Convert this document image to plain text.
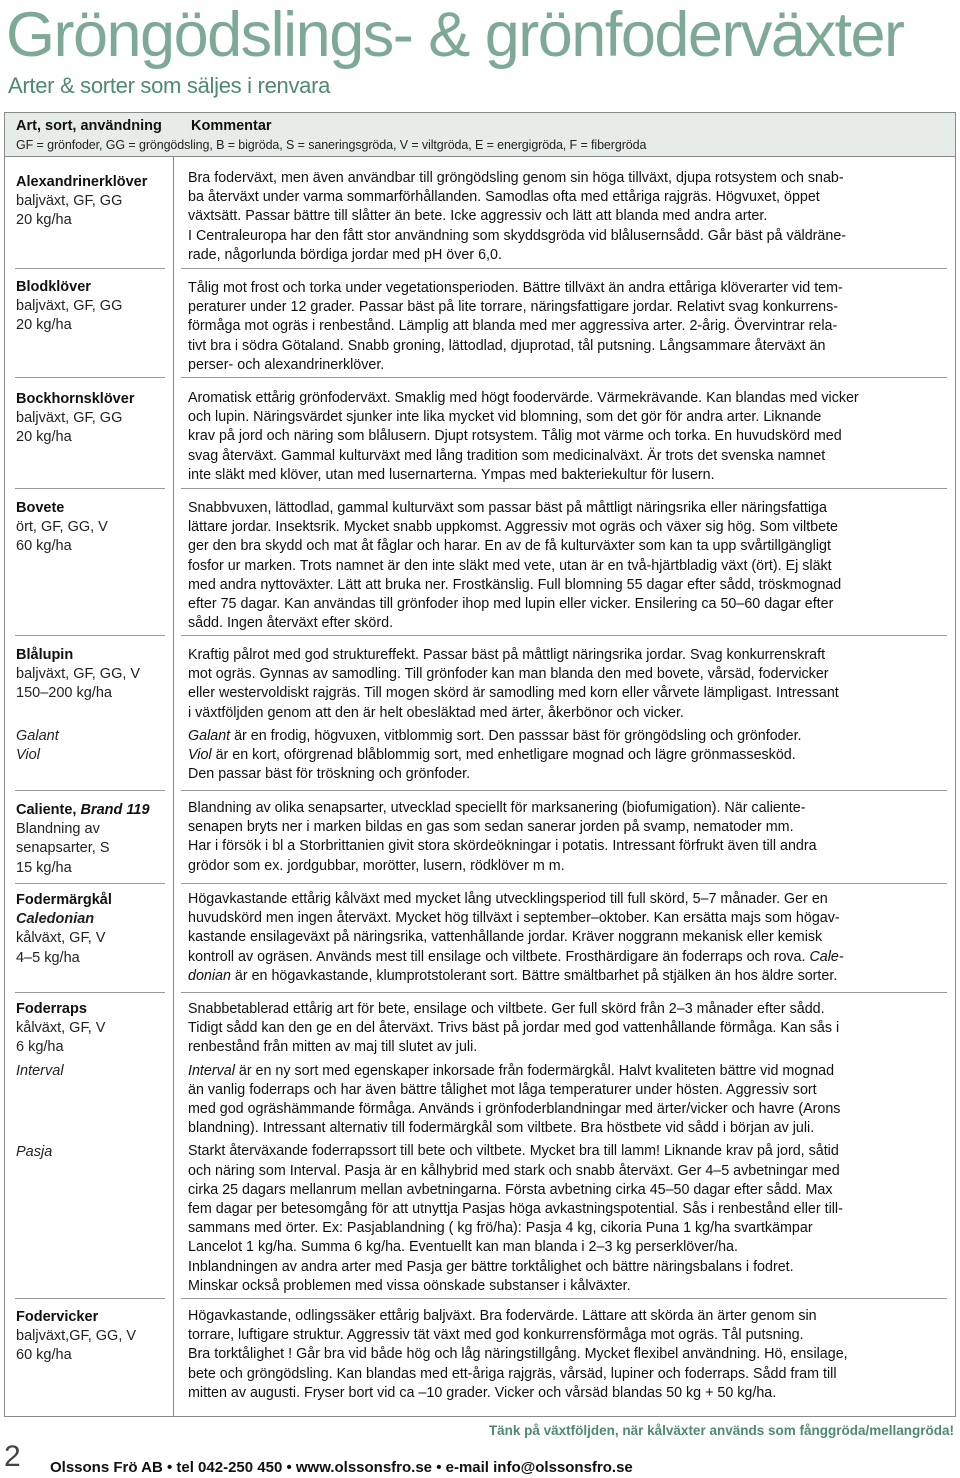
Gröngödslings- & grönfoderväxter
Arter & sorter som säljes i renvara
Art, sort, användning Kommentar
GF = grönfoder, GG = gröngödsling, B = bigröda, S = saneringsgröda, V = viltgröda, E = energigröda, F = fibergröda
Alexandrinerklöver
baljväxt, GF, GG
20 kg/ha
Bra foderväxt, men även användbar till gröngödsling genom sin höga tillväxt, djupa rotsystem och snab-
ba återväxt under varma sommarförhållanden. Samodlas ofta med ettåriga rajgräs. Högvuxet, öppet
växtsätt. Passar bättre till slåtter än bete. Icke aggressiv och lätt att blanda med andra arter.
I Centraleuropa har den fått stor användning som skyddsgröda vid blålusernsådd. Går bäst på väldräne-
rade, någorlunda bördiga jordar med pH över 6,0.
Blodklöver
baljväxt, GF, GG
20 kg/ha
Tålig mot frost och torka under vegetationsperioden. Bättre tillväxt än andra ettåriga klöverarter vid tem-
peraturer under 12 grader. Passar bäst på lite torrare, näringsfattigare jordar. Relativt svag konkurrens-
förmåga mot ogräs i renbestånd. Lämplig att blanda med mer aggressiva arter. 2-årig. Övervintrar rela-
tivt bra i södra Götaland. Snabb groning, lättodlad, djuprotad, tål putsning. Långsammare återväxt än
perser- och alexandrinerklöver.
Bockhornsklöver
baljväxt, GF, GG
20 kg/ha
Aromatisk ettårig grönfoderväxt. Smaklig med högt foodervärde. Värmekrävande. Kan blandas med vicker
och lupin. Näringsvärdet sjunker inte lika mycket vid blomning, som det gör för andra arter. Liknande
krav på jord och näring som blålusern. Djupt rotsystem. Tålig mot värme och torka. En huvudskörd med
svag återväxt. Gammal kulturväxt med lång tradition som medicinalväxt. Är trots det svenska namnet
inte släkt med klöver, utan med lusernarterna. Ympas med bakteriekultur för lusern.
Bovete
ört, GF, GG, V
60 kg/ha
Snabbvuxen, lättodlad, gammal kulturväxt som passar bäst på måttligt näringsrika eller näringsfattiga
lättare jordar. Insektsrik. Mycket snabb uppkomst. Aggressiv mot ogräs och växer sig hög. Som viltbete
ger den bra skydd och mat åt fåglar och harar. En av de få kulturväxter som kan ta upp svårtillgängligt
fosfor ur marken. Trots namnet är den inte släkt med vete, utan är en två-hjärtbladig växt (ört). Ej släkt
med andra nyttoväxter. Lätt att bruka ner. Frostkänslig. Full blomning 55 dagar efter sådd, tröskmognad
efter 75 dagar. Kan användas till grönfoder ihop med lupin eller vicker. Ensilering ca 50–60 dagar efter
sådd. Ingen återväxt efter skörd.
Blålupin
baljväxt, GF, GG, V
150–200 kg/ha
Galant
Viol
Kraftig pålrot med god struktureffekt. Passar bäst på måttligt näringsrika jordar. Svag konkurrenskraft
mot ogräs. Gynnas av samodling. Till grönfoder kan man blanda den med bovete, vårsäd, fodervicker
eller westervoldiskt rajgräs. Till mogen skörd är samodling med korn eller vårvete lämpligast. Intressant
i växtföljden genom att den är helt obesläktad med ärter, åkerbönor och vicker.
Galant är en frodig, högvuxen, vitblommig sort. Den passsar bäst för gröngödsling och grönfoder.
Viol är en kort, oförgrenad blåblommig sort, med enhetligare mognad och lägre grönmassesköd.
Den passar bäst för tröskning och grönfoder.
Caliente, Brand 119
Blandning av
senapsarter, S
15 kg/ha
Blandning av olika senapsarter, utvecklad speciellt för marksanering (biofumigation). När caliente-
senapen bryts ner i marken bildas en gas som sedan sanerar jorden på svamp, nematoder mm.
Har i försök i bl a Storbrittanien givit stora skördeökningar i potatis. Intressant förfrukt även till andra
grödor som ex. jordgubbar, morötter, lusern, rödklöver m m.
Fodermärgkål
Caledonian
kålväxt, GF, V
4–5 kg/ha
Högavkastande ettårig kålväxt med mycket lång utvecklingsperiod till full skörd, 5–7 månader. Ger en
huvudskörd men ingen återväxt. Mycket hög tillväxt i september–oktober. Kan ersätta majs som högav-
kastande ensilageväxt på näringsrika, vattenhållande jordar. Kräver noggrann mekanisk eller kemisk
kontroll av ogräsen. Används mest till ensilage och viltbete. Frosthärdigare än foderraps och rova. Cale-
donian är en högavkastande, klumprotstolerant sort. Bättre smältbarhet på stjälken än hos äldre sorter.
Foderraps
kålväxt, GF, V
6 kg/ha
Interval
Pasja
Snabbetablerad ettårig art för bete, ensilage och viltbete. Ger full skörd från 2–3 månader efter sådd.
Tidigt sådd kan den ge en del återväxt. Trivs bäst på jordar med god vattenhållande förmåga. Kan sås i
renbestånd från mitten av maj till slutet av juli.
Interval är en ny sort med egenskaper inkorsade från fodermärgkål. Halvt kvaliteten bättre vid mognad
än vanlig foderraps och har även bättre tålighet mot låga temperaturer under hösten. Aggressiv sort
med god ogräshämmande förmåga. Används i grönfoderblandningar med ärter/vicker och havre (Arons
blandning). Intressant alternativ till fodermärgkål som viltbete. Bra höstbete vid sådd i början av juli.
Starkt återväxande foderrapssort till bete och viltbete. Mycket bra till lamm! Liknande krav på jord, såtid
och näring som Interval. Pasja är en kålhybrid med stark och snabb återväxt. Ger 4–5 avbetningar med
cirka 25 dagars mellanrum mellan avbetningarna. Första avbetning cirka 45–50 dagar efter sådd. Max
fem dagar per betesomgång för att utnyttja Pasjas höga avkastningspotential. Sås i renbestånd eller till-
sammans med örter. Ex: Pasjablandning ( kg frö/ha): Pasja 4 kg, cikoria Puna 1 kg/ha svartkämpar
Lancelot 1 kg/ha. Summa 6 kg/ha. Eventuellt kan man blanda i 2–3 kg perserklöver/ha.
Inblandningen av andra arter med Pasja ger bättre torktålighet och bättre näringsbalans i fodret.
Minskar också problemen med vissa oönskade substanser i kålväxter.
Fodervicker
baljväxt,GF, GG, V
60 kg/ha
Högavkastande, odlingssäker ettårig baljväxt. Bra fodervärde. Lättare att skörda än ärter genom sin
torrare, luftigare struktur. Aggressiv tät växt med god konkurrensförmåga mot ogräs. Tål putsning.
Bra torktålighet ! Går bra vid både hög och låg näringstillgång. Mycket flexibel användning. Hö, ensilage,
bete och gröngödsling. Kan blandas med ett-åriga rajgräs, vårsäd, lupiner och foderraps. Sådd fram till
mitten av augusti. Fryser bort vid ca –10 grader. Vicker och vårsäd blandas 50 kg + 50 kg/ha.
Tänk på växtföljden, när kålväxter används som fånggröda/mellangröda!
2 Olssons Frö AB • tel 042-250 450 • www.olssonsfro.se • e-mail info@olssonsfro.se
